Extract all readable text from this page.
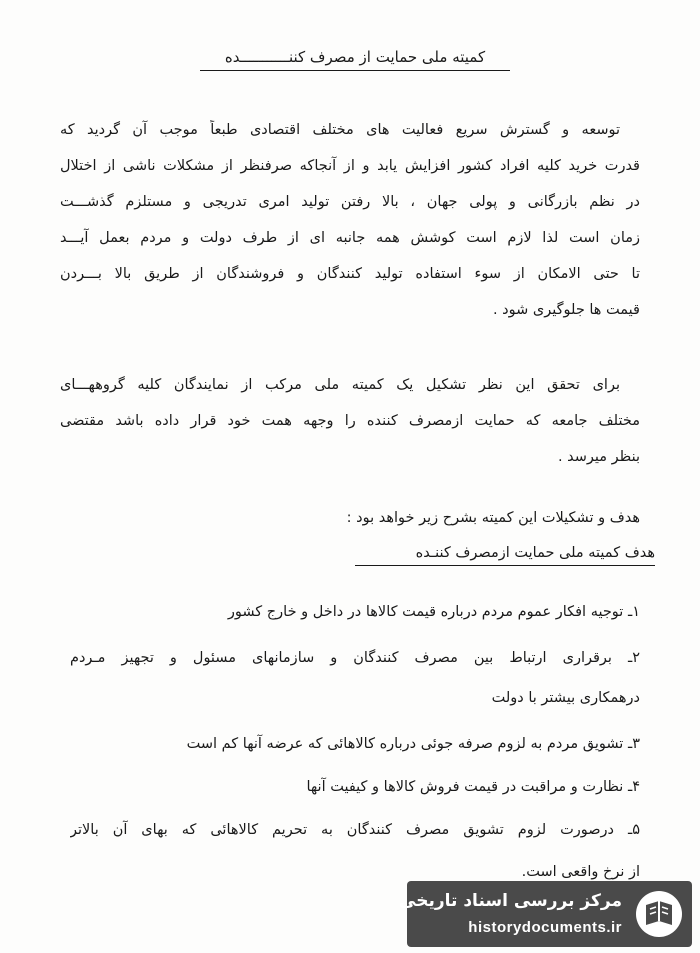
کمیته ملی حمایت از مصرف کننـــــــــــده
توسعه و گسترش سریع فعالیت های مختلف اقتصادی طبعاً موجب آن گردید که
قدرت خرید کلیه افراد کشور افزایش یابد و از آنجاکه صرفنظر از مشکلات ناشی از اختلال
در نظم بازرگانی و پولی جهان ، بالا رفتن تولید امری تدریجی و مستلزم گذشـــت
زمان است لذا لازم است کوشش همه جانبه ای از طرف دولت و مردم بعمل آیـــد
تا حتی الامکان از سوء استفاده تولید کنندگان و فروشندگان از طریق بالا بـــردن
قیمت ها جلوگیری شود .
برای تحقق این نظر تشکیل یک کمیته ملی مرکب از نمایندگان کلیه گروههـــای
مختلف جامعه که حمایت ازمصرف کننده را وجهه همت خود قرار داده باشد مقتضی
بنظر میرسد .
هدف و تشکیلات این کمیته بشرح زیر خواهد بود :
هدف کمیته ملی حمایت ازمصرف کننـده
۱ـ توجیه افکار عموم مردم درباره قیمت کالاها در داخل و خارج کشور
۲ـ برقراری ارتباط بین مصرف کنندگان و سازمانهای مسئول و تجهیز مـردم
درهمکاری بیشتر با دولت
۳ـ تشویق مردم به لزوم صرفه جوئی درباره کالاهائی که عرضه آنها کم است
۴ـ نظارت و مراقبت در قیمت فروش کالاها و کیفیت آنها
۵ـ درصورت لزوم تشویق مصرف کنندگان به تحریم کالاهائی که بهای آن بالاتر
از نرخ واقعی است.
مرکز بررسی اسناد تاریخی
historydocuments.ir
